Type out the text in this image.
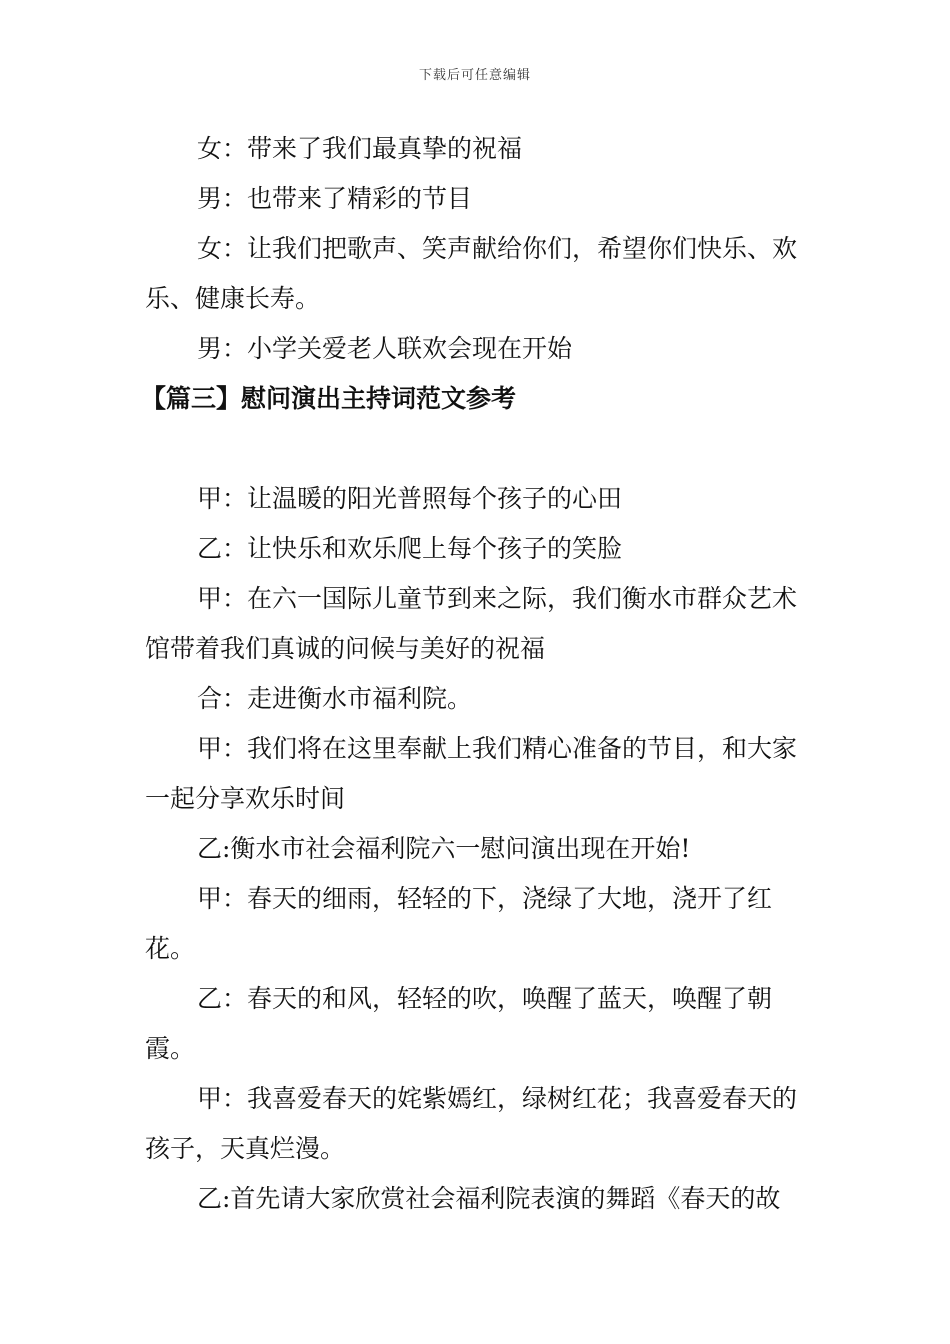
下载后可任意编辑

女：带来了我们最真挚的祝福

男：也带来了精彩的节目

女：让我们把歌声、笑声献给你们，希望你们快乐、欢乐、健康长寿。

男：小学关爱老人联欢会现在开始

【篇三】慰问演出主持词范文参考

甲：让温暖的阳光普照每个孩子的心田

乙：让快乐和欢乐爬上每个孩子的笑脸

甲：在六一国际儿童节到来之际，我们衡水市群众艺术馆带着我们真诚的问候与美好的祝福

合：走进衡水市福利院。

甲：我们将在这里奉献上我们精心准备的节目，和大家一起分享欢乐时间

乙:衡水市社会福利院六一慰问演出现在开始!

甲：春天的细雨，轻轻的下，浇绿了大地，浇开了红花。

乙：春天的和风，轻轻的吹，唤醒了蓝天，唤醒了朝霞。

甲：我喜爱春天的姹紫嫣红，绿树红花；我喜爱春天的孩子，天真烂漫。

乙:首先请大家欣赏社会福利院表演的舞蹈《春天的故
